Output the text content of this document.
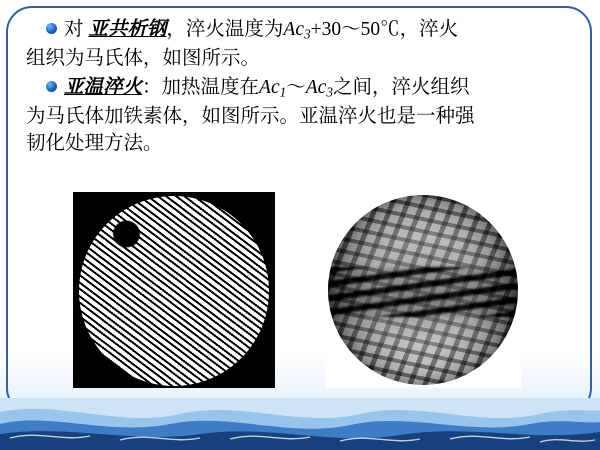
对 亚共析钢，淬火温度为$Ac_3+30\sim 50℃$，淬火
组织为马氏体，如图所示。
亚温淬火：加热温度在$Ac_1\sim Ac_3$之间，淬火组织
为马氏体加铁素体，如图所示。亚温淬火也是一种强
韧化处理方法。
